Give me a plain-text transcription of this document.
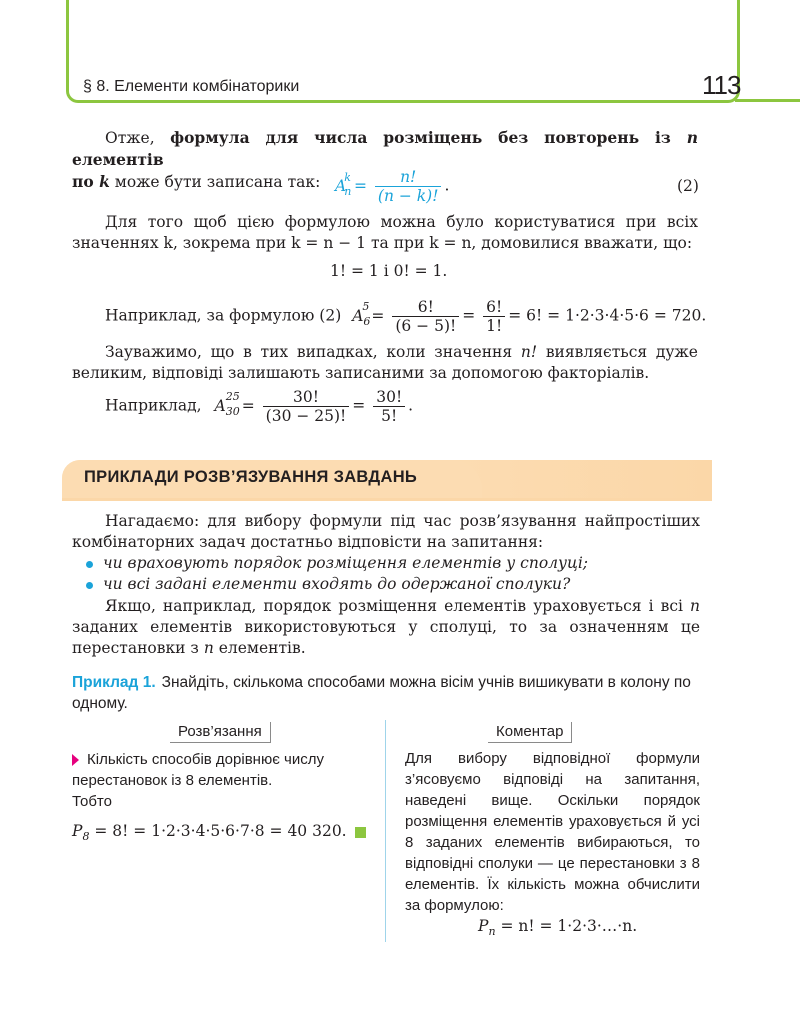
§ 8. Елементи комбінаторики	113
Отже, формула для числа розміщень без повторень із n елементів
по k може бути записана так: $A_n^k = \frac{n!}{(n - k)!}$ .	(2)
Для того щоб цією формулою можна було користуватися при всіх значеннях k, зокрема при k = n − 1 та при k = n, домовилися вважати, що:
1! = 1 і 0! = 1.
Наприклад, за формулою (2) $A_6^5 = \frac{6!}{(6 - 5)!} = \frac{6!}{1!} = 6$! = 1·2·3·4·5·6 = 720.
Зауважимо, що в тих випадках, коли значення n! виявляється дуже великим, відповіді залишають записаними за допомогою факторіалів.
Наприклад, $A_{30}^{25} = \frac{30!}{(30 - 25)!} = \frac{30!}{5!}$ .
ПРИКЛАДИ РОЗВ’ЯЗУВАННЯ ЗАВДАНЬ
Нагадаємо: для вибору формули під час розв’язування найпростіших комбінаторних задач достатньо відповісти на запитання:
чи враховують порядок розміщення елементів у сполуці;
чи всі задані елементи входять до одержаної сполуки?
Якщо, наприклад, порядок розміщення елементів ураховується і всі n заданих елементів використовуються у сполуці, то за означенням це перестановки з n елементів.
Приклад 1. Знайдіть, скількома способами можна вісім учнів вишикувати в колону по одному.
Розв’язання
Кількість способів дорівнює числу перестановок із 8 елементів.
Тобто
$P_8 = 8$! = 1·2·3·4·5·6·7·8 = 40 320.
Коментар
Для вибору відповідної формули з’ясовуємо відповіді на запитання, наведені вище. Оскільки порядок розміщення елементів ураховується й усі 8 заданих елементів вибираються, то відповідні сполуки — це перестановки з 8 елементів. Їх кількість можна обчислити за формулою:
$P_n = n$! = 1·2·3·…·n.
